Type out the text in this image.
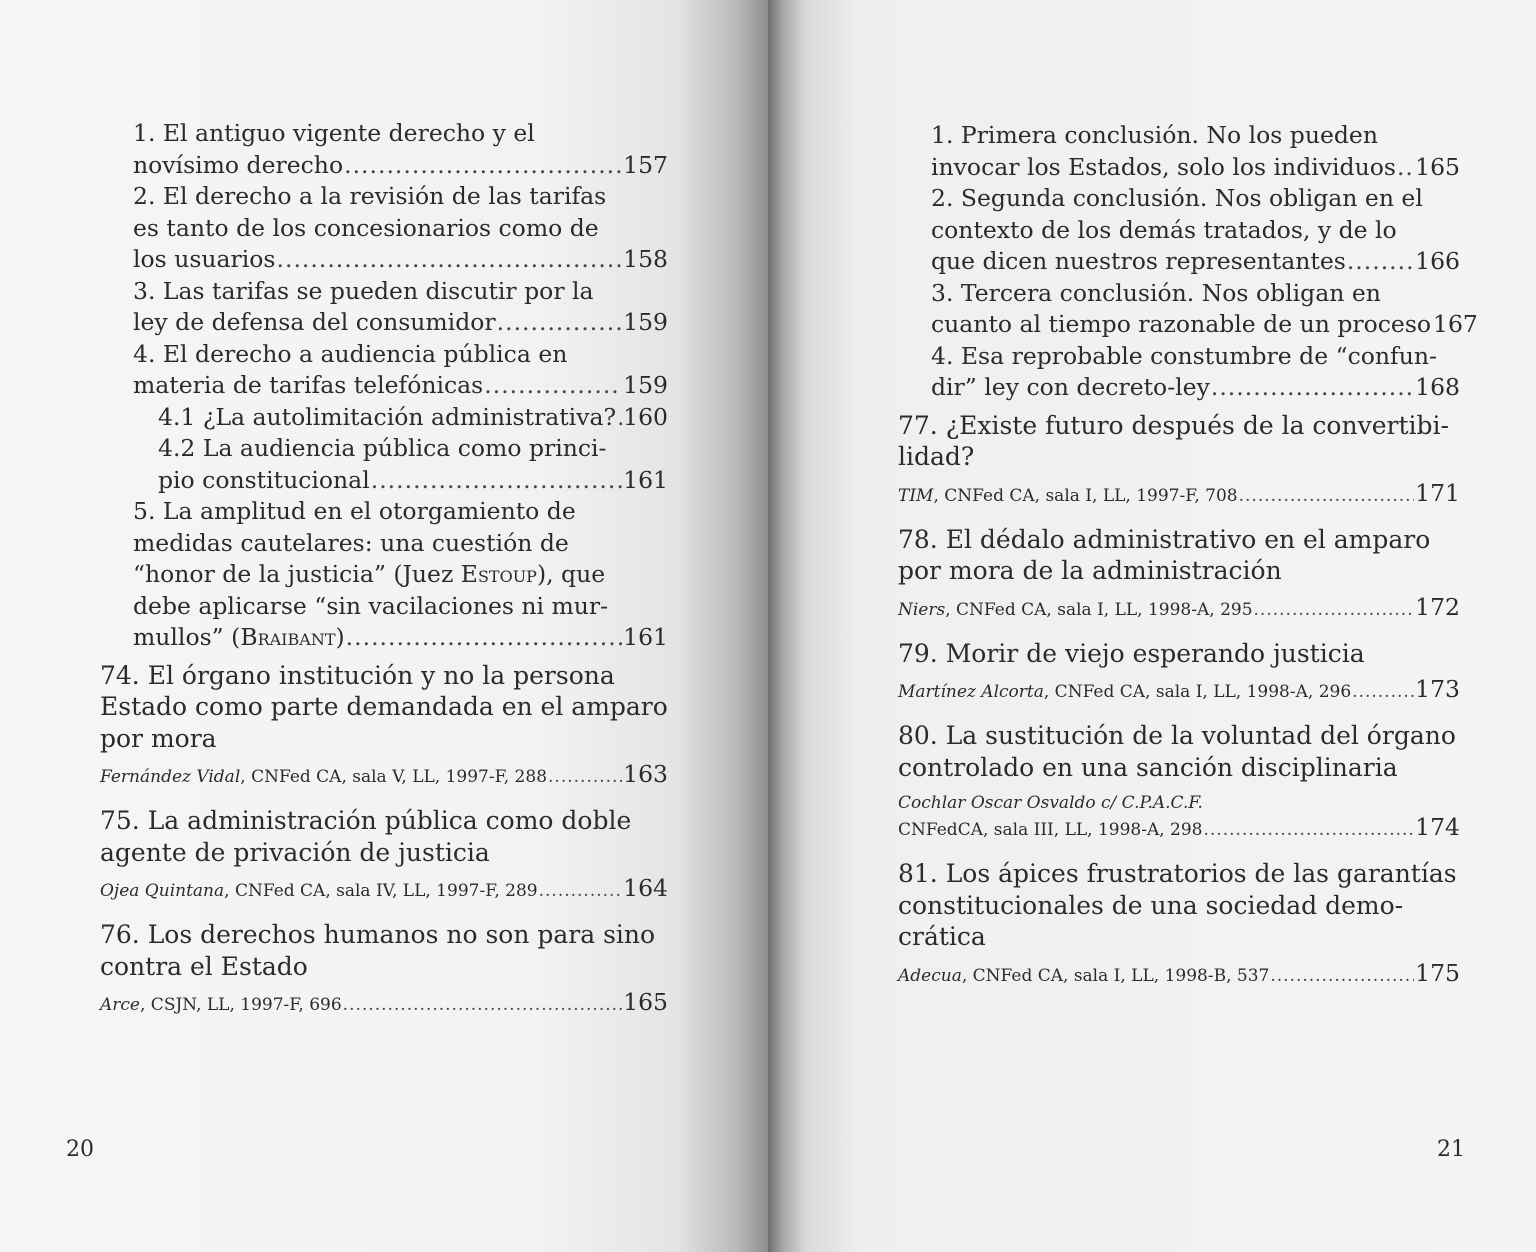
1. El antiguo vigente derecho y el
novísimo derecho .....	157
2. El derecho a la revisión de las tarifas
es tanto de los concesionarios como de
los usuarios .....	158
3. Las tarifas se pueden discutir por la
ley de defensa del consumidor .....	159
4. El derecho a audiencia pública en
materia de tarifas telefónicas .....	159
4.1 ¿La autolimitación administrativa? ..... 160
4.2 La audiencia pública como princi-
pio constitucional .....	161
5. La amplitud en el otorgamiento de
medidas cautelares: una cuestión de
“honor de la justicia” (Juez Estoup), que
debe aplicarse “sin vacilaciones ni mur-
mullos” (Braibant) .....	161
74. El órgano institución y no la persona
Estado como parte demandada en el amparo
por mora
Fernández Vidal, CNFed CA, sala V, LL, 1997-F, 288 .....	163
75. La administración pública como doble
agente de privación de justicia
Ojea Quintana, CNFed CA, sala IV, LL, 1997-F, 289 .....	164
76. Los derechos humanos no son para sino
contra el Estado
Arce, CSJN, LL, 1997-F, 696 .....	165
1. Primera conclusión. No los pueden
invocar los Estados, solo los individuos ..... 165
2. Segunda conclusión. Nos obligan en el
contexto de los demás tratados, y de lo
que dicen nuestros representantes .....	166
3. Tercera conclusión. Nos obligan en
cuanto al tiempo razonable de un proceso 167
4. Esa reprobable constumbre de “confun-
dir” ley con decreto-ley .....	168
77. ¿Existe futuro después de la convertibi-
lidad?
TIM, CNFed CA, sala I, LL, 1997-F, 708 .....	171
78. El dédalo administrativo en el amparo
por mora de la administración
Niers, CNFed CA, sala I, LL, 1998-A, 295 .....	172
79. Morir de viejo esperando justicia
Martínez Alcorta, CNFed CA, sala I, LL, 1998-A, 296 .....	173
80. La sustitución de la voluntad del órgano
controlado en una sanción disciplinaria
Cochlar Oscar Osvaldo c/ C.P.A.C.F.
CNFedCA, sala III, LL, 1998-A, 298 .....	174
81. Los ápices frustratorios de las garantías
constitucionales de una sociedad demo-
crática
Adecua, CNFed CA, sala I, LL, 1998-B, 537 .....	175
20	21
